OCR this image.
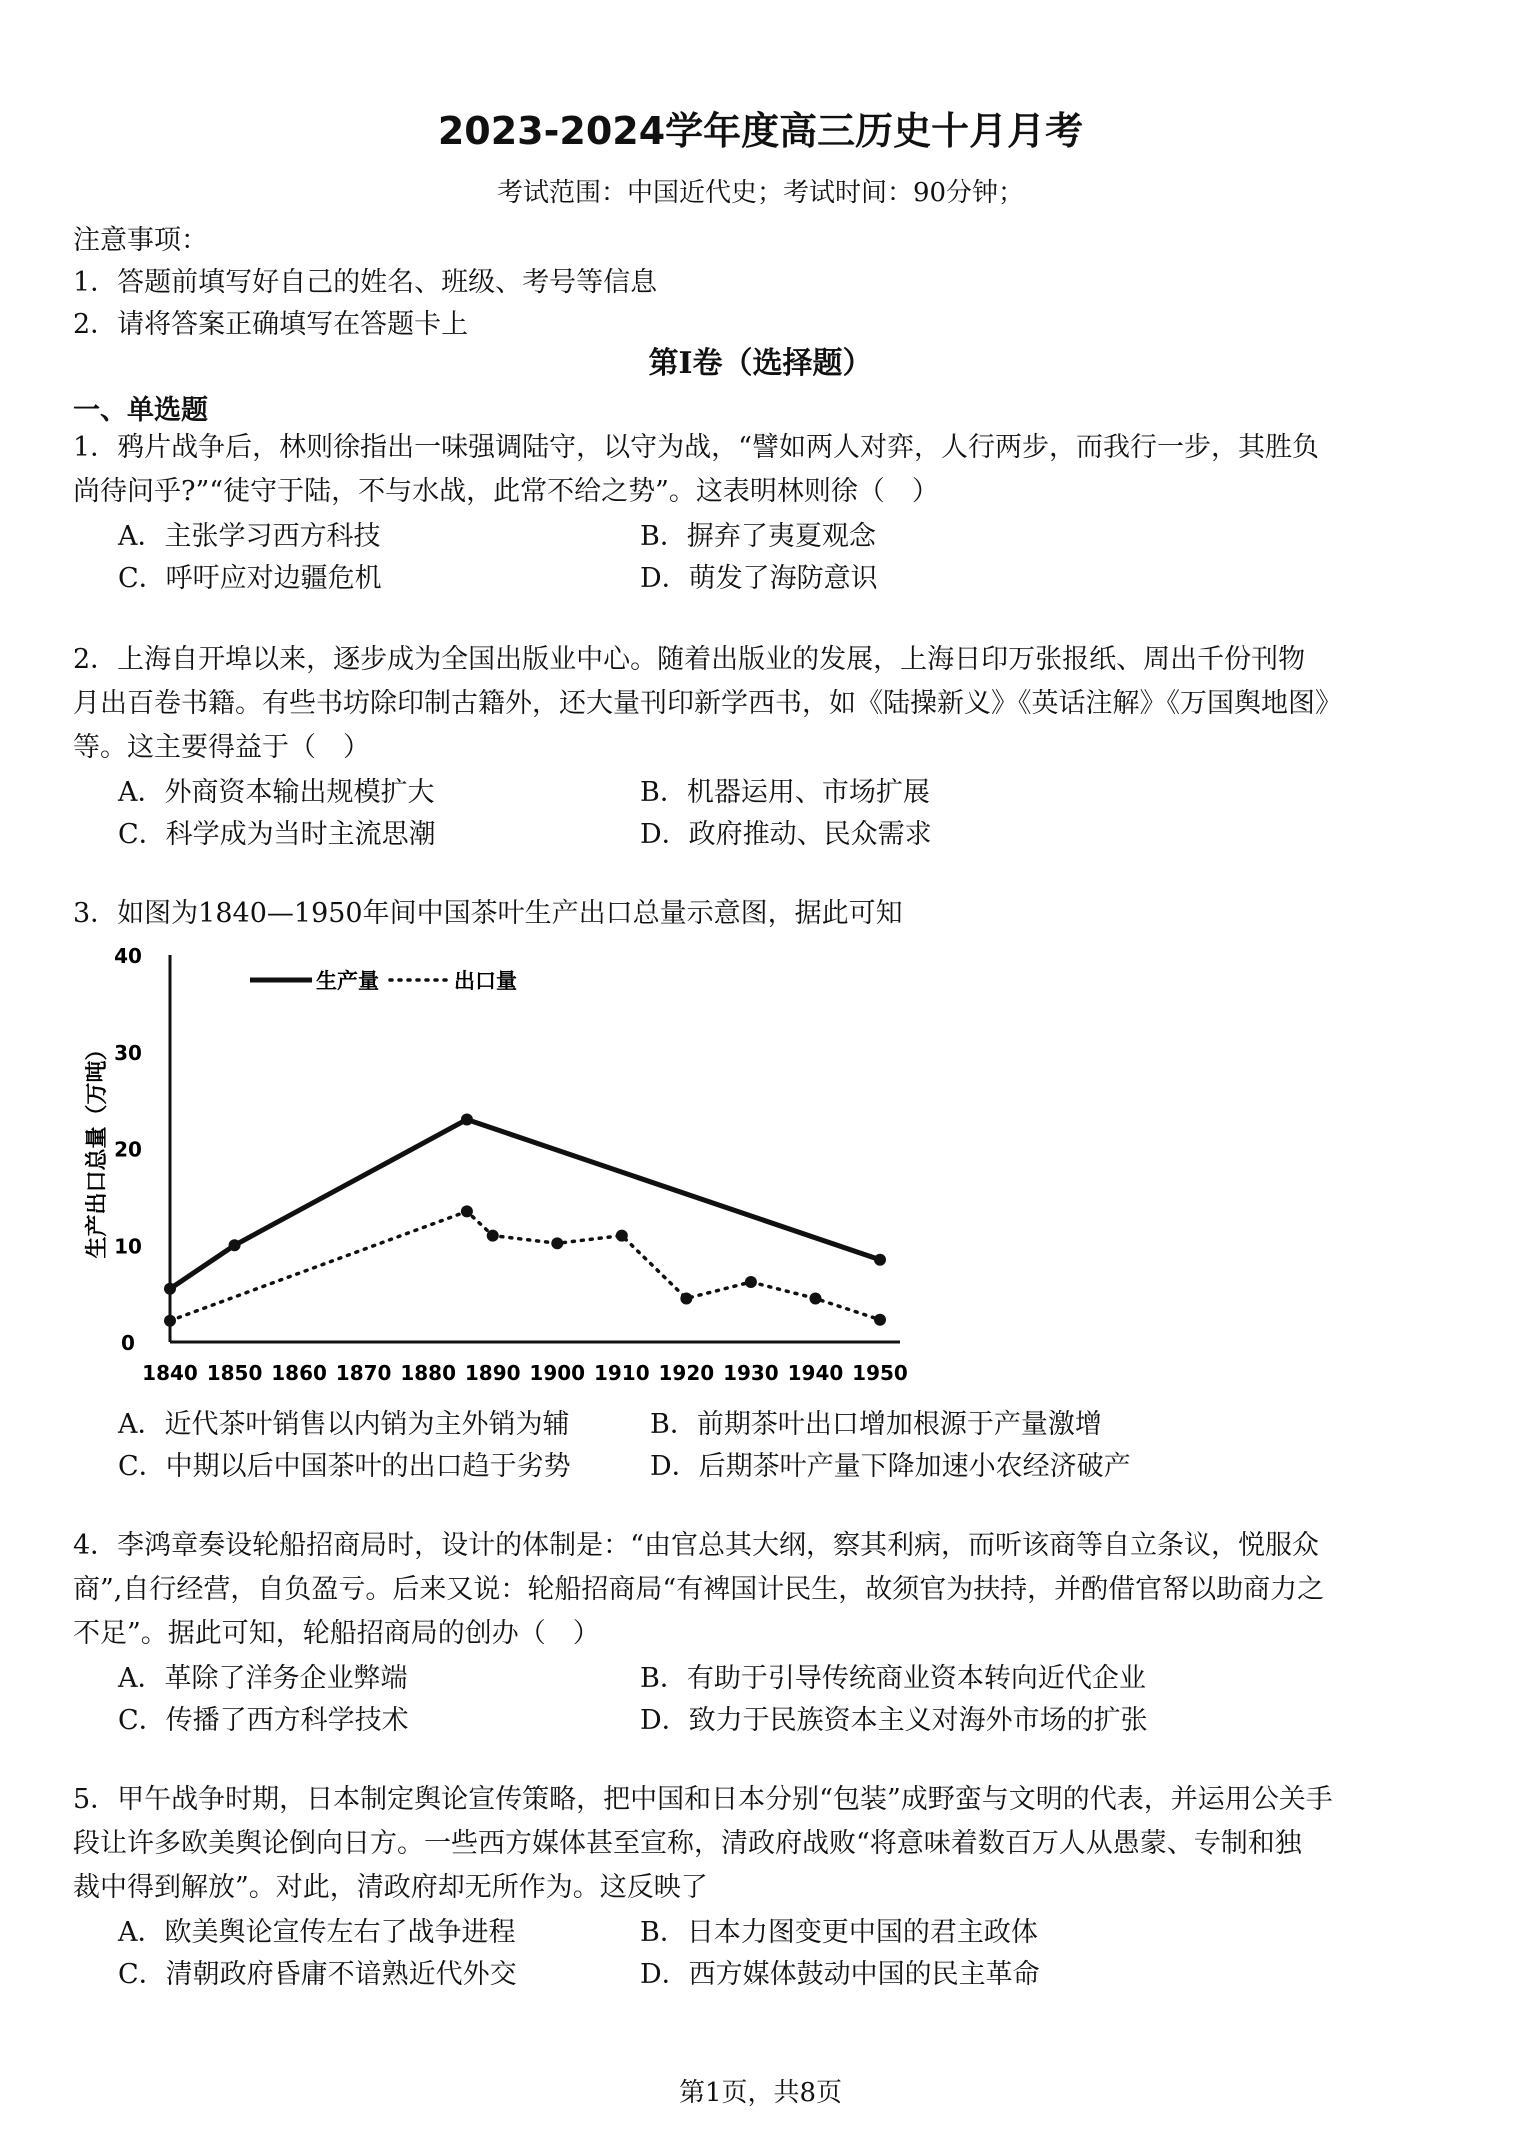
2023-2024学年度高三历史十月月考
考试范围：中国近代史；考试时间：90分钟；
注意事项：
1．答题前填写好自己的姓名、班级、考号等信息
2．请将答案正确填写在答题卡上
第I卷（选择题）
一、单选题
1．鸦片战争后，林则徐指出一味强调陆守，以守为战，“譬如两人对弈，人行两步，而我行一步，其胜负
尚待问乎?”“徒守于陆，不与水战，此常不给之势”。这表明林则徐（　）
A．主张学习西方科技	B．摒弃了夷夏观念
C．呼吁应对边疆危机	D．萌发了海防意识
2．上海自开埠以来，逐步成为全国出版业中心。随着出版业的发展，上海日印万张报纸、周出千份刊物
月出百卷书籍。有些书坊除印制古籍外，还大量刊印新学西书，如《陆操新义》《英话注解》《万国舆地图》
等。这主要得益于（　）
A．外商资本输出规模扩大	B．机器运用、市场扩展
C．科学成为当时主流思潮	D．政府推动、民众需求
3．如图为1840—1950年间中国茶叶生产出口总量示意图，据此可知
0
10
20
30
40
1840 1850 1860 1870 1880 1890 1900 1910 1920 1930 1940 1950
生产出口总量（万吨）
生产量	出口量
A．近代茶叶销售以内销为主外销为辅	B．前期茶叶出口增加根源于产量激增
C．中期以后中国茶叶的出口趋于劣势	D．后期茶叶产量下降加速小农经济破产
4．李鸿章奏设轮船招商局时，设计的体制是：“由官总其大纲，察其利病，而听该商等自立条议，悦服众
商”,自行经营，自负盈亏。后来又说：轮船招商局“有裨国计民生，故须官为扶持，并酌借官帑以助商力之
不足”。据此可知，轮船招商局的创办（　）
A．革除了洋务企业弊端	B．有助于引导传统商业资本转向近代企业
C．传播了西方科学技术	D．致力于民族资本主义对海外市场的扩张
5．甲午战争时期，日本制定舆论宣传策略，把中国和日本分别“包装”成野蛮与文明的代表，并运用公关手
段让许多欧美舆论倒向日方。一些西方媒体甚至宣称，清政府战败“将意味着数百万人从愚蒙、专制和独
裁中得到解放”。对此，清政府却无所作为。这反映了
A．欧美舆论宣传左右了战争进程	B．日本力图变更中国的君主政体
C．清朝政府昏庸不谙熟近代外交	D．西方媒体鼓动中国的民主革命
第1页，共8页
